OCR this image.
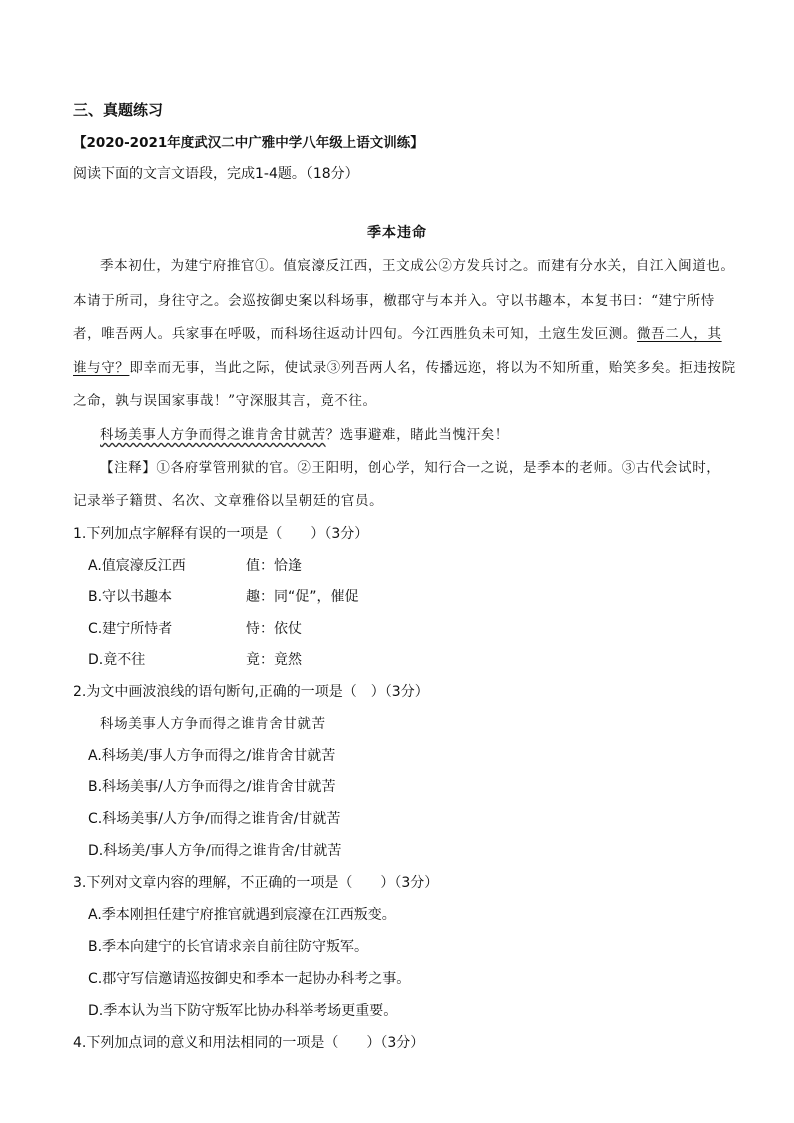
三、真题练习
【2020-2021年度武汉二中广雅中学八年级上语文训练】
阅读下面的文言文语段，完成1-4题。（18分）
季本违命
季本初仕，为建宁府推官①。值宸濠反江西，王文成公②方发兵讨之。而建有分水关，自江入闽道也。
本请于所司，身往守之。会巡按御史案以科场事，檄郡守与本并入。守以书趣本，本复书曰：“建宁所恃
者，唯吾两人。兵家事在呼吸，而科场往返动计四旬。今江西胜负未可知，土寇生发叵测。微吾二人，其
谁与守？即幸而无事，当此之际，使试录③列吾两人名，传播远迩，将以为不知所重，贻笑多矣。拒违按院
之命，孰与误国家事哉！”守深服其言，竟不往。
科场美事人方争而得之谁肯舍甘就苦？选事避难，睹此当愧汗矣！
【注释】①各府掌管刑狱的官。②王阳明，创心学，知行合一之说，是季本的老师。③古代会试时，
记录举子籍贯、名次、文章雅俗以呈朝廷的官员。
1.下列加点字解释有误的一项是（　　）（3分）
A.值宸濠反江西	值：恰逢
B.守以书趣本	趣：同“促”，催促
C.建宁所恃者	恃：依仗
D.竟不往	竟：竟然
2.为文中画波浪线的语句断句,正确的一项是（　）（3分）
科场美事人方争而得之谁肯舍甘就苦
A.科场美/事人方争而得之/谁肯舍甘就苦
B.科场美事/人方争而得之/谁肯舍甘就苦
C.科场美事/人方争/而得之谁肯舍/甘就苦
D.科场美/事人方争/而得之谁肯舍/甘就苦
3.下列对文章内容的理解，不正确的一项是（　　）（3分）
A.季本刚担任建宁府推官就遇到宸濠在江西叛变。
B.季本向建宁的长官请求亲自前往防守叛军。
C.郡守写信邀请巡按御史和季本一起协办科考之事。
D.季本认为当下防守叛军比协办科举考场更重要。
4.下列加点词的意义和用法相同的一项是（　　）（3分）
